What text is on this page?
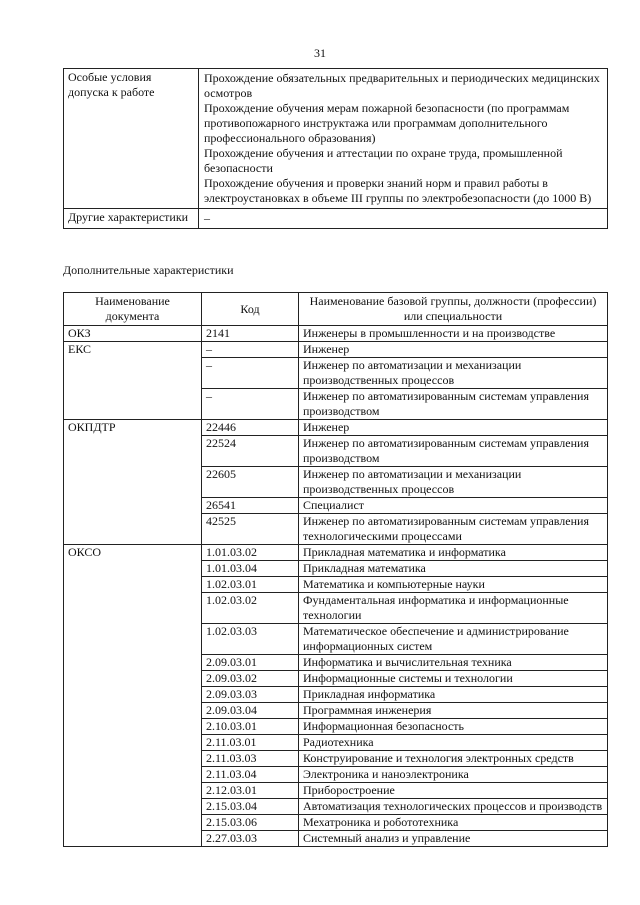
31
Особые условия допуска к работе	Прохождение обязательных предварительных и периодических медицинских осмотров
Прохождение обучения мерам пожарной безопасности (по программам противопожарного инструктажа или программам дополнительного профессионального образования)
Прохождение обучения и аттестации по охране труда, промышленной безопасности
Прохождение обучения и проверки знаний норм и правил работы в электроустановках в объеме III группы по электробезопасности (до 1000 В)

Другие характеристики	–
Дополнительные характеристики
Наименование документа	Код	Наименование базовой группы, должности (профессии) или специальности
ОКЗ	2141	Инженеры в промышленности и на производстве
ЕКС	–	Инженер
	–	Инженер по автоматизации и механизации производственных процессов
	–	Инженер по автоматизированным системам управления производством
ОКПДТР	22446	Инженер
	22524	Инженер по автоматизированным системам управления производством
	22605	Инженер по автоматизации и механизации производственных процессов
	26541	Специалист
	42525	Инженер по автоматизированным системам управления технологическими процессами
ОКСО	1.01.03.02	Прикладная математика и информатика
	1.01.03.04	Прикладная математика
	1.02.03.01	Математика и компьютерные науки
	1.02.03.02	Фундаментальная информатика и информационные технологии
	1.02.03.03	Математическое обеспечение и администрирование информационных систем
	2.09.03.01	Информатика и вычислительная техника
	2.09.03.02	Информационные системы и технологии
	2.09.03.03	Прикладная информатика
	2.09.03.04	Программная инженерия
	2.10.03.01	Информационная безопасность
	2.11.03.01	Радиотехника
	2.11.03.03	Конструирование и технология электронных средств
	2.11.03.04	Электроника и наноэлектроника
	2.12.03.01	Приборостроение
	2.15.03.04	Автоматизация технологических процессов и производств
	2.15.03.06	Мехатроника и робототехника
	2.27.03.03	Системный анализ и управление
